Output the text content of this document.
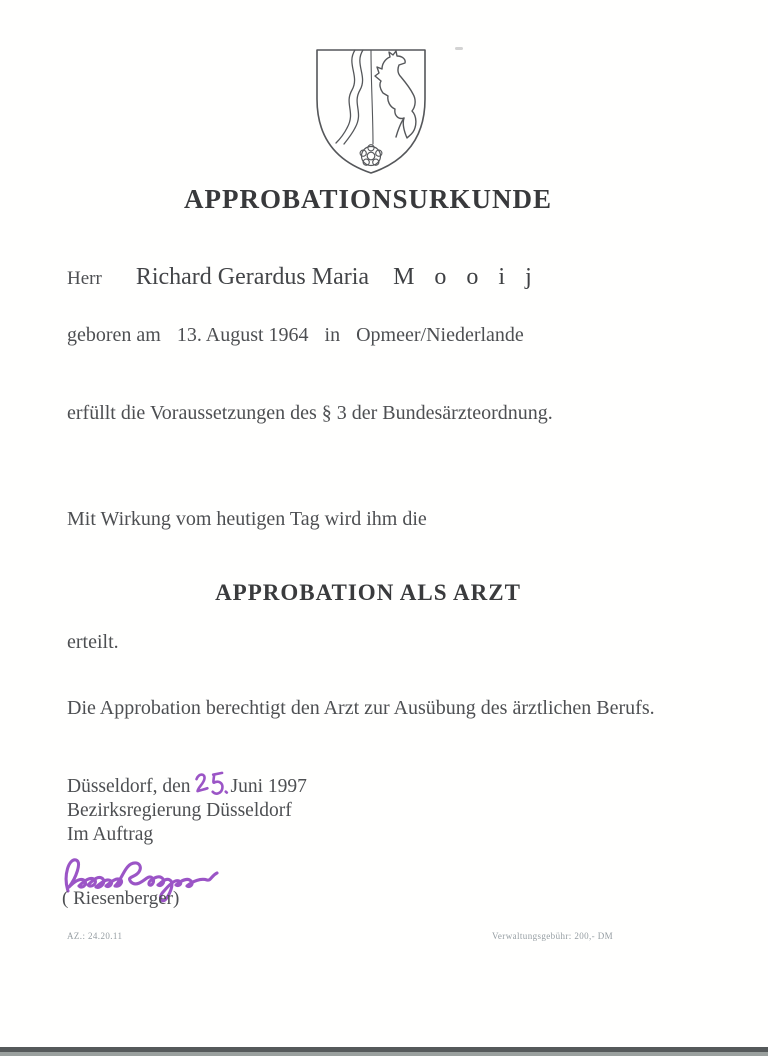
APPROBATIONSURKUNDE
Herr Richard Gerardus Maria M o o i j
geboren am 13. August 1964 in Opmeer/Niederlande
erfüllt die Voraussetzungen des § 3 der Bundesärzteordnung.
Mit Wirkung vom heutigen Tag wird ihm die
APPROBATION ALS ARZT
erteilt.
Die Approbation berechtigt den Arzt zur Ausübung des ärztlichen Berufs.
Düsseldorf, den Juni 1997
Bezirksregierung Düsseldorf
Im Auftrag
( Riesenberger)
AZ.: 24.20.11	Verwaltungsgebühr: 200,- DM
